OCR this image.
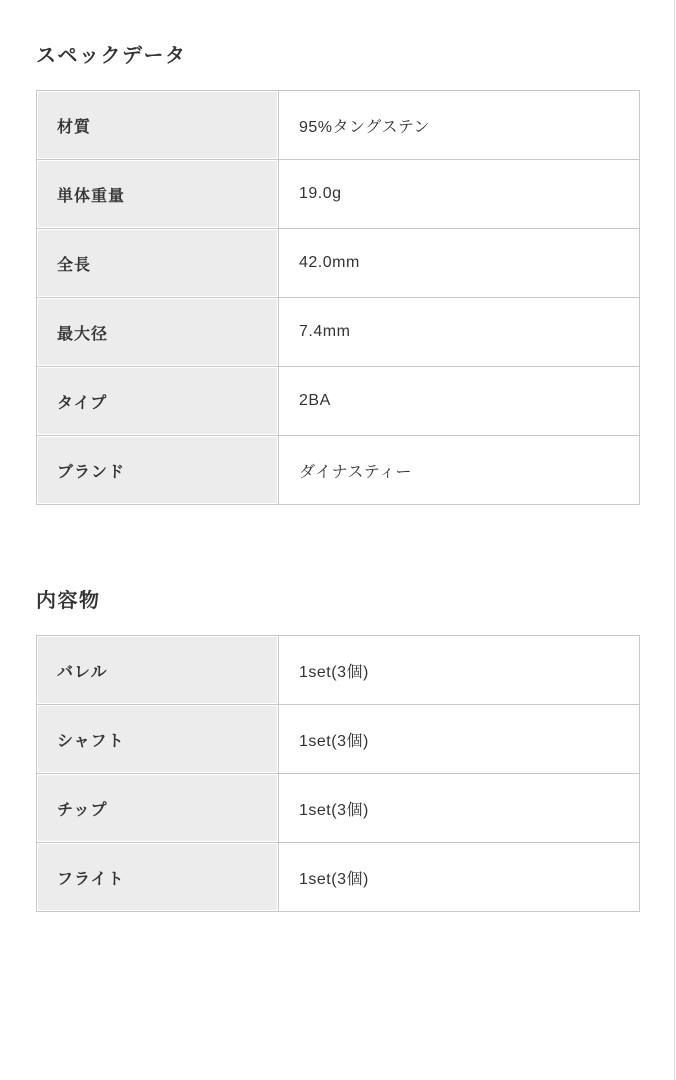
スペックデータ
材質	95%タングステン
単体重量	19.0g
全長	42.0mm
最大径	7.4mm
タイプ	2BA
ブランド	ダイナスティー
内容物
バレル	1set(3個)
シャフト	1set(3個)
チップ	1set(3個)
フライト	1set(3個)
